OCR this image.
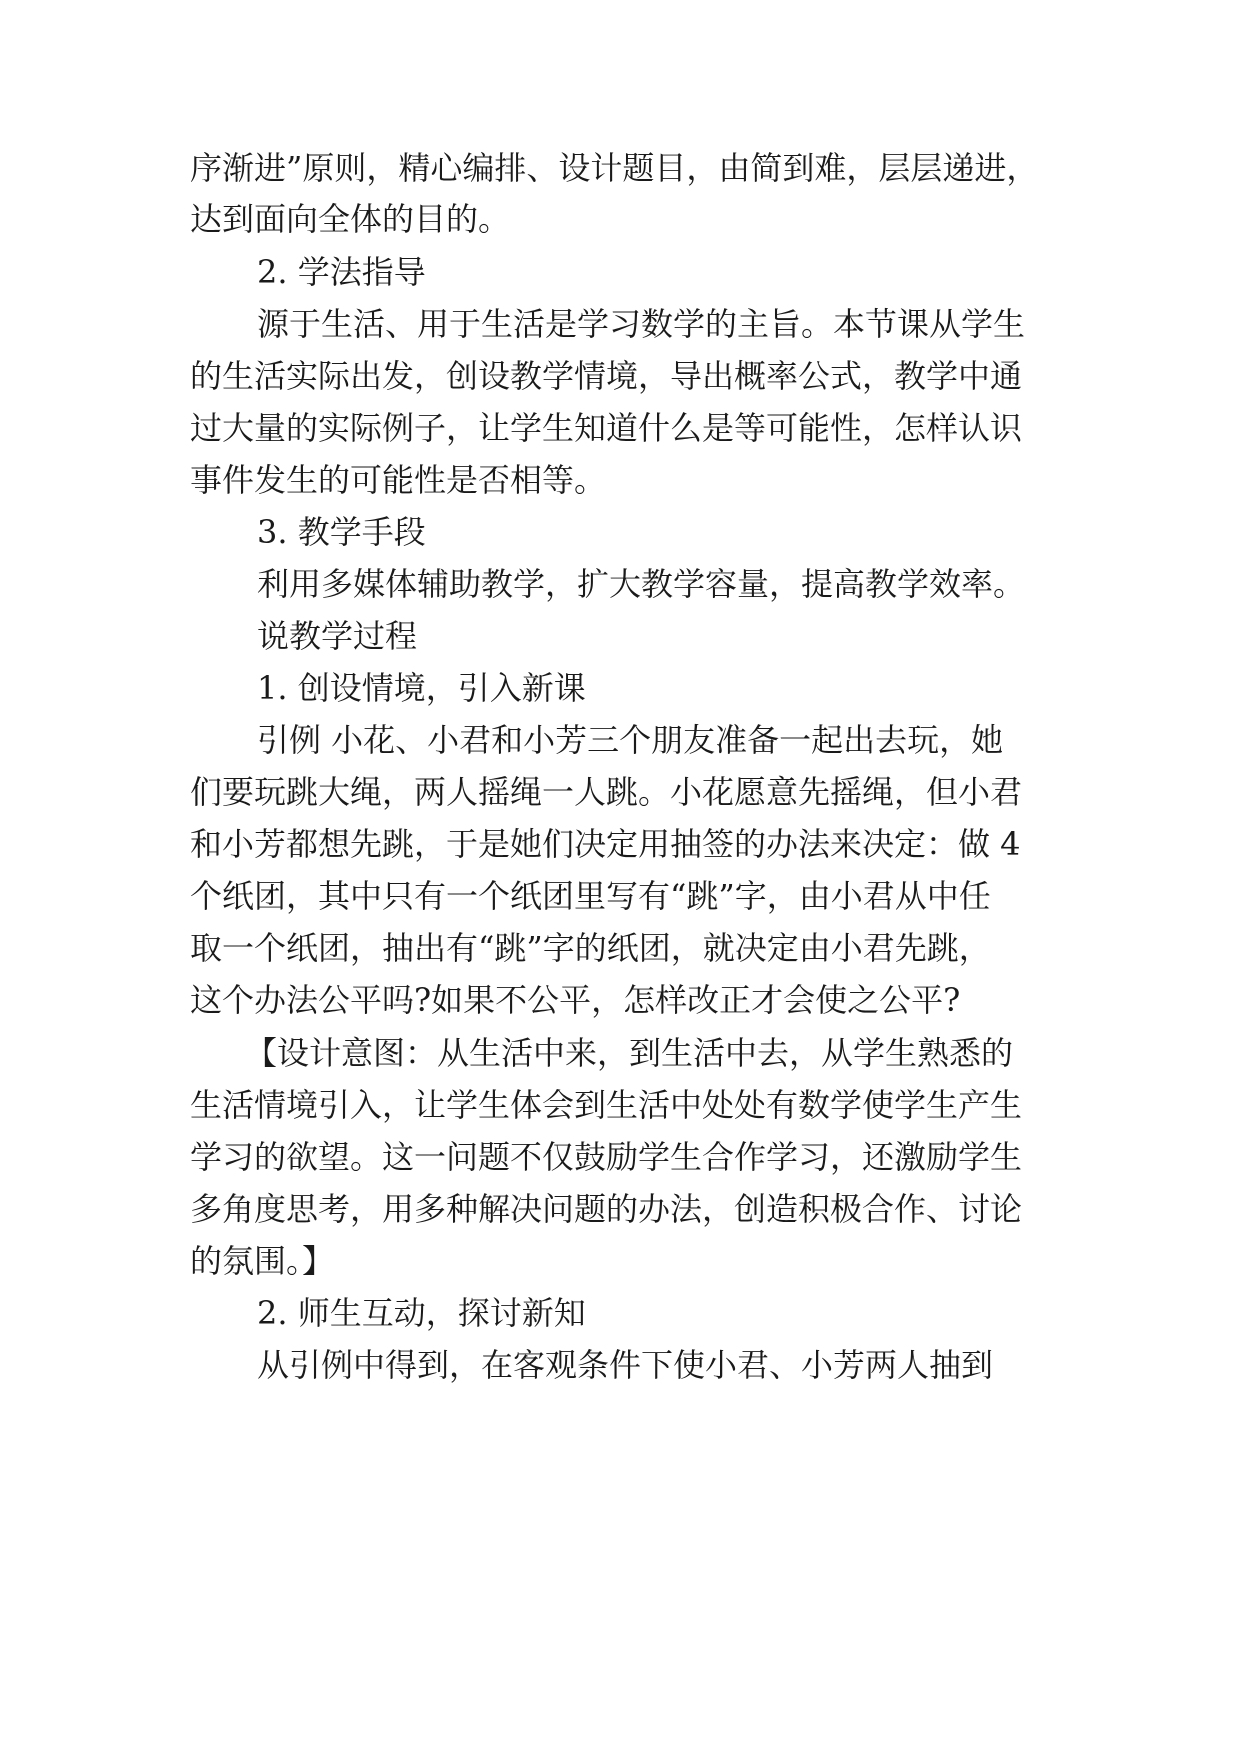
序渐进”原则，精心编排、设计题目，由简到难，层层递进，
达到面向全体的目的。
2. 学法指导
源于生活、用于生活是学习数学的主旨。本节课从学生
的生活实际出发，创设教学情境，导出概率公式，教学中通
过大量的实际例子，让学生知道什么是等可能性，怎样认识
事件发生的可能性是否相等。
3. 教学手段
利用多媒体辅助教学，扩大教学容量，提高教学效率。
说教学过程
1. 创设情境，引入新课
引例 小花、小君和小芳三个朋友准备一起出去玩，她
们要玩跳大绳，两人摇绳一人跳。小花愿意先摇绳，但小君
和小芳都想先跳，于是她们决定用抽签的办法来决定：做 4
个纸团，其中只有一个纸团里写有“跳”字，由小君从中任
取一个纸团，抽出有“跳”字的纸团，就决定由小君先跳，
这个办法公平吗?如果不公平，怎样改正才会使之公平?
【设计意图：从生活中来，到生活中去，从学生熟悉的
生活情境引入，让学生体会到生活中处处有数学使学生产生
学习的欲望。这一问题不仅鼓励学生合作学习，还激励学生
多角度思考，用多种解决问题的办法，创造积极合作、讨论
的氛围。】
2. 师生互动，探讨新知
从引例中得到，在客观条件下使小君、小芳两人抽到
